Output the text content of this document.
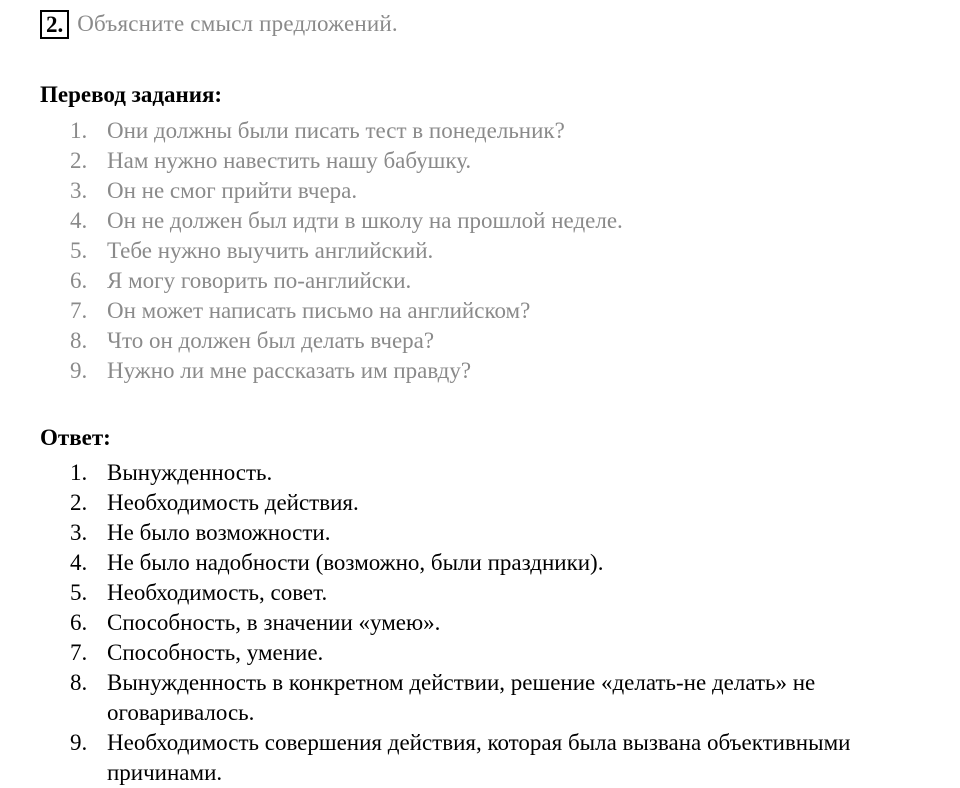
2. Объясните смысл предложений.
Перевод задания:
1. Они должны были писать тест в понедельник?
2. Нам нужно навестить нашу бабушку.
3. Он не смог прийти вчера.
4. Он не должен был идти в школу на прошлой неделе.
5. Тебе нужно выучить английский.
6. Я могу говорить по-английски.
7. Он может написать письмо на английском?
8. Что он должен был делать вчера?
9. Нужно ли мне рассказать им правду?
Ответ:
1. Вынужденность.
2. Необходимость действия.
3. Не было возможности.
4. Не было надобности (возможно, были праздники).
5. Необходимость, совет.
6. Способность, в значении «умею».
7. Способность, умение.
8. Вынужденность в конкретном действии, решение «делать-не делать» не оговаривалось.
9. Необходимость совершения действия, которая была вызвана объективными причинами.
